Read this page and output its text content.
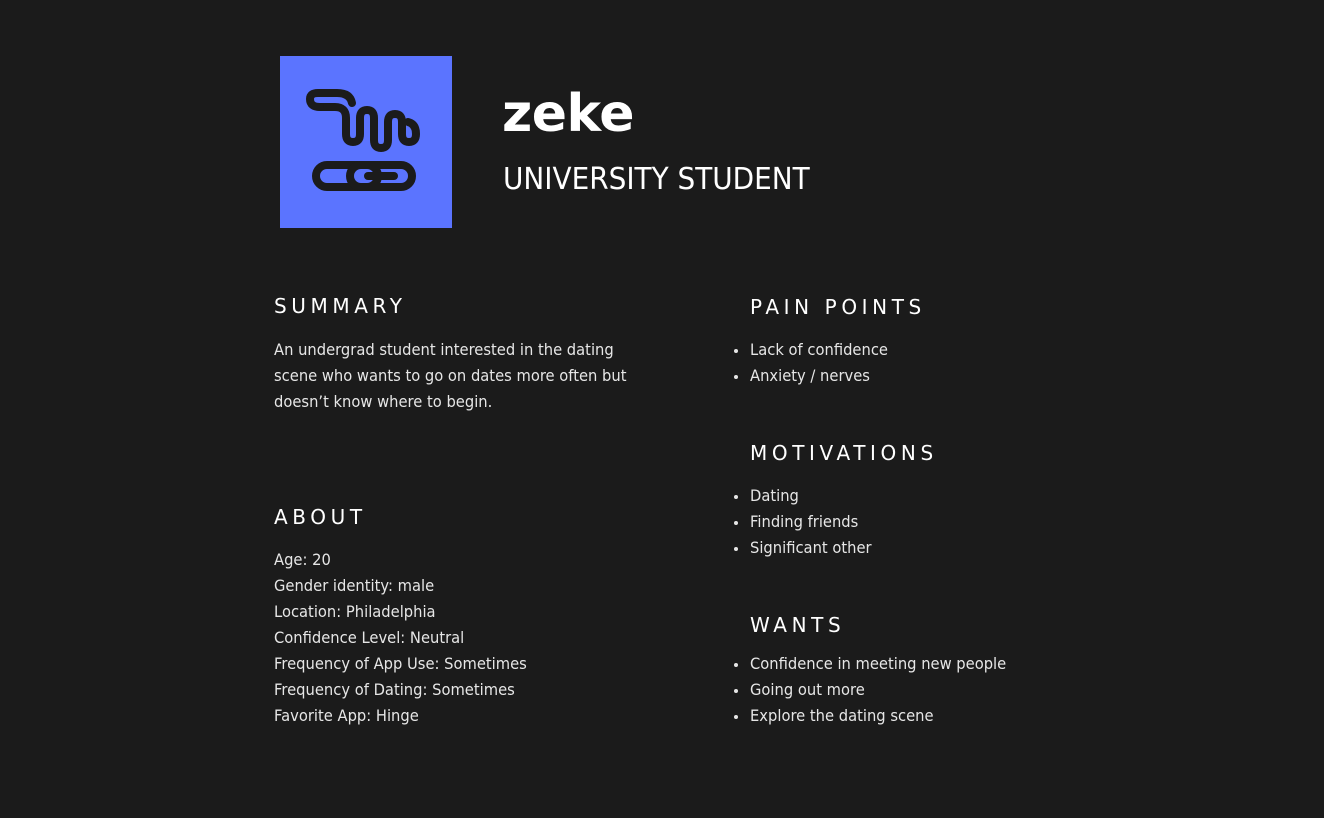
zeke
UNIVERSITY STUDENT
SUMMARY
An undergrad student interested in the dating scene who wants to go on dates more often but doesn’t know where to begin.
ABOUT
Age: 20
Gender identity: male
Location: Philadelphia
Confidence Level: Neutral
Frequency of App Use: Sometimes
Frequency of Dating: Sometimes
Favorite App: Hinge
PAIN POINTS
Lack of confidence
Anxiety / nerves
MOTIVATIONS
Dating
Finding friends
Significant other
WANTS
Confidence in meeting new people
Going out more
Explore the dating scene
